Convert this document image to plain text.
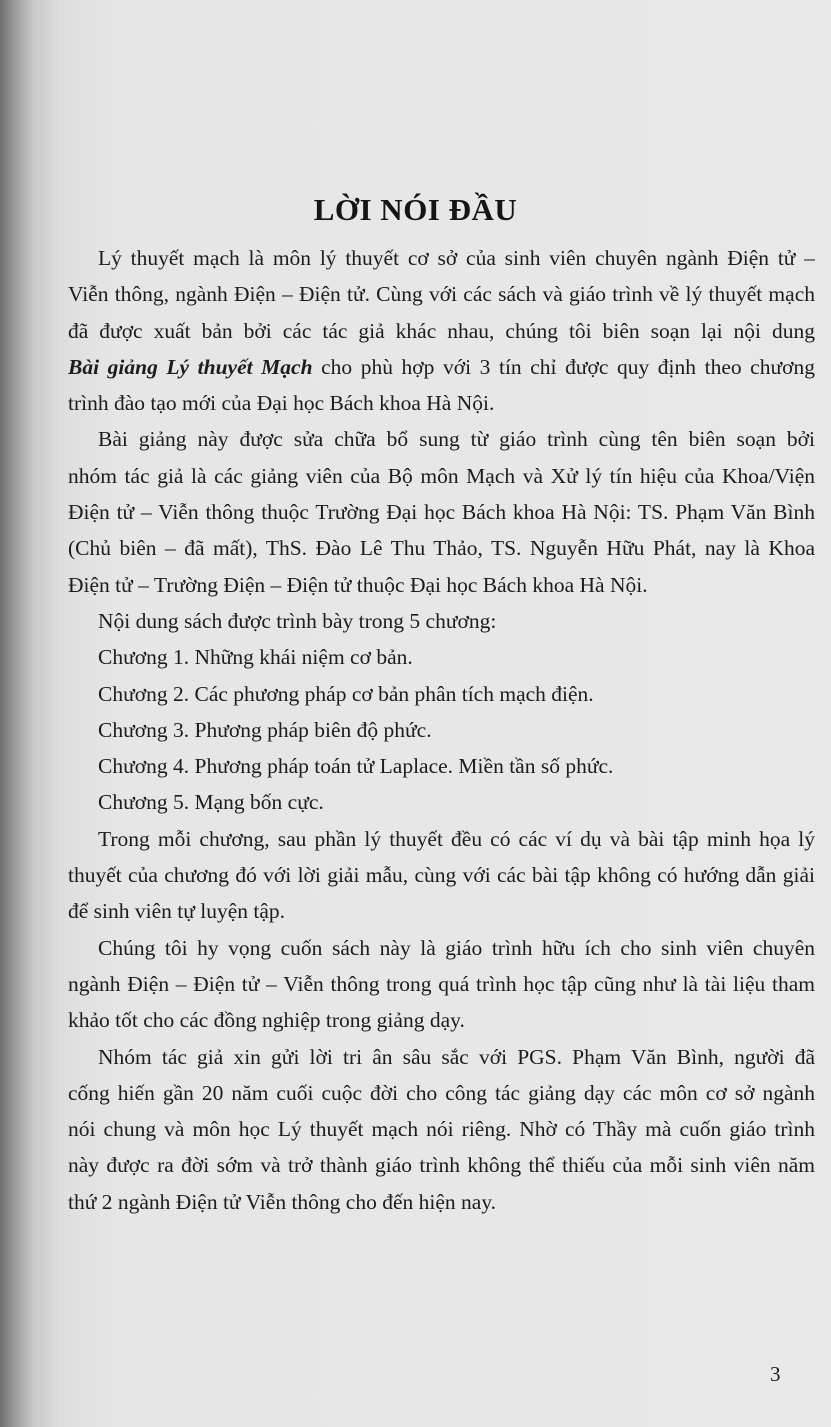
LỜI NÓI ĐẦU
Lý thuyết mạch là môn lý thuyết cơ sở của sinh viên chuyên ngành Điện tử –
Viễn thông, ngành Điện – Điện tử. Cùng với các sách và giáo trình về lý thuyết mạch
đã được xuất bản bởi các tác giả khác nhau, chúng tôi biên soạn lại nội dung
Bài giảng Lý thuyết Mạch cho phù hợp với 3 tín chỉ được quy định theo chương
trình đào tạo mới của Đại học Bách khoa Hà Nội.
Bài giảng này được sửa chữa bổ sung từ giáo trình cùng tên biên soạn bởi
nhóm tác giả là các giảng viên của Bộ môn Mạch và Xử lý tín hiệu của Khoa/Viện
Điện tử – Viễn thông thuộc Trường Đại học Bách khoa Hà Nội: TS. Phạm Văn Bình
(Chủ biên – đã mất), ThS. Đào Lê Thu Thảo, TS. Nguyễn Hữu Phát, nay là Khoa
Điện tử – Trường Điện – Điện tử thuộc Đại học Bách khoa Hà Nội.
Nội dung sách được trình bày trong 5 chương:
Chương 1. Những khái niệm cơ bản.
Chương 2. Các phương pháp cơ bản phân tích mạch điện.
Chương 3. Phương pháp biên độ phức.
Chương 4. Phương pháp toán tử Laplace. Miền tần số phức.
Chương 5. Mạng bốn cực.
Trong mỗi chương, sau phần lý thuyết đều có các ví dụ và bài tập minh họa lý
thuyết của chương đó với lời giải mẫu, cùng với các bài tập không có hướng dẫn giải
để sinh viên tự luyện tập.
Chúng tôi hy vọng cuốn sách này là giáo trình hữu ích cho sinh viên chuyên
ngành Điện – Điện tử – Viễn thông trong quá trình học tập cũng như là tài liệu tham
khảo tốt cho các đồng nghiệp trong giảng dạy.
Nhóm tác giả xin gửi lời tri ân sâu sắc với PGS. Phạm Văn Bình, người đã
cống hiến gần 20 năm cuối cuộc đời cho công tác giảng dạy các môn cơ sở ngành
nói chung và môn học Lý thuyết mạch nói riêng. Nhờ có Thầy mà cuốn giáo trình
này được ra đời sớm và trở thành giáo trình không thể thiếu của mỗi sinh viên năm
thứ 2 ngành Điện tử Viễn thông cho đến hiện nay.
3
